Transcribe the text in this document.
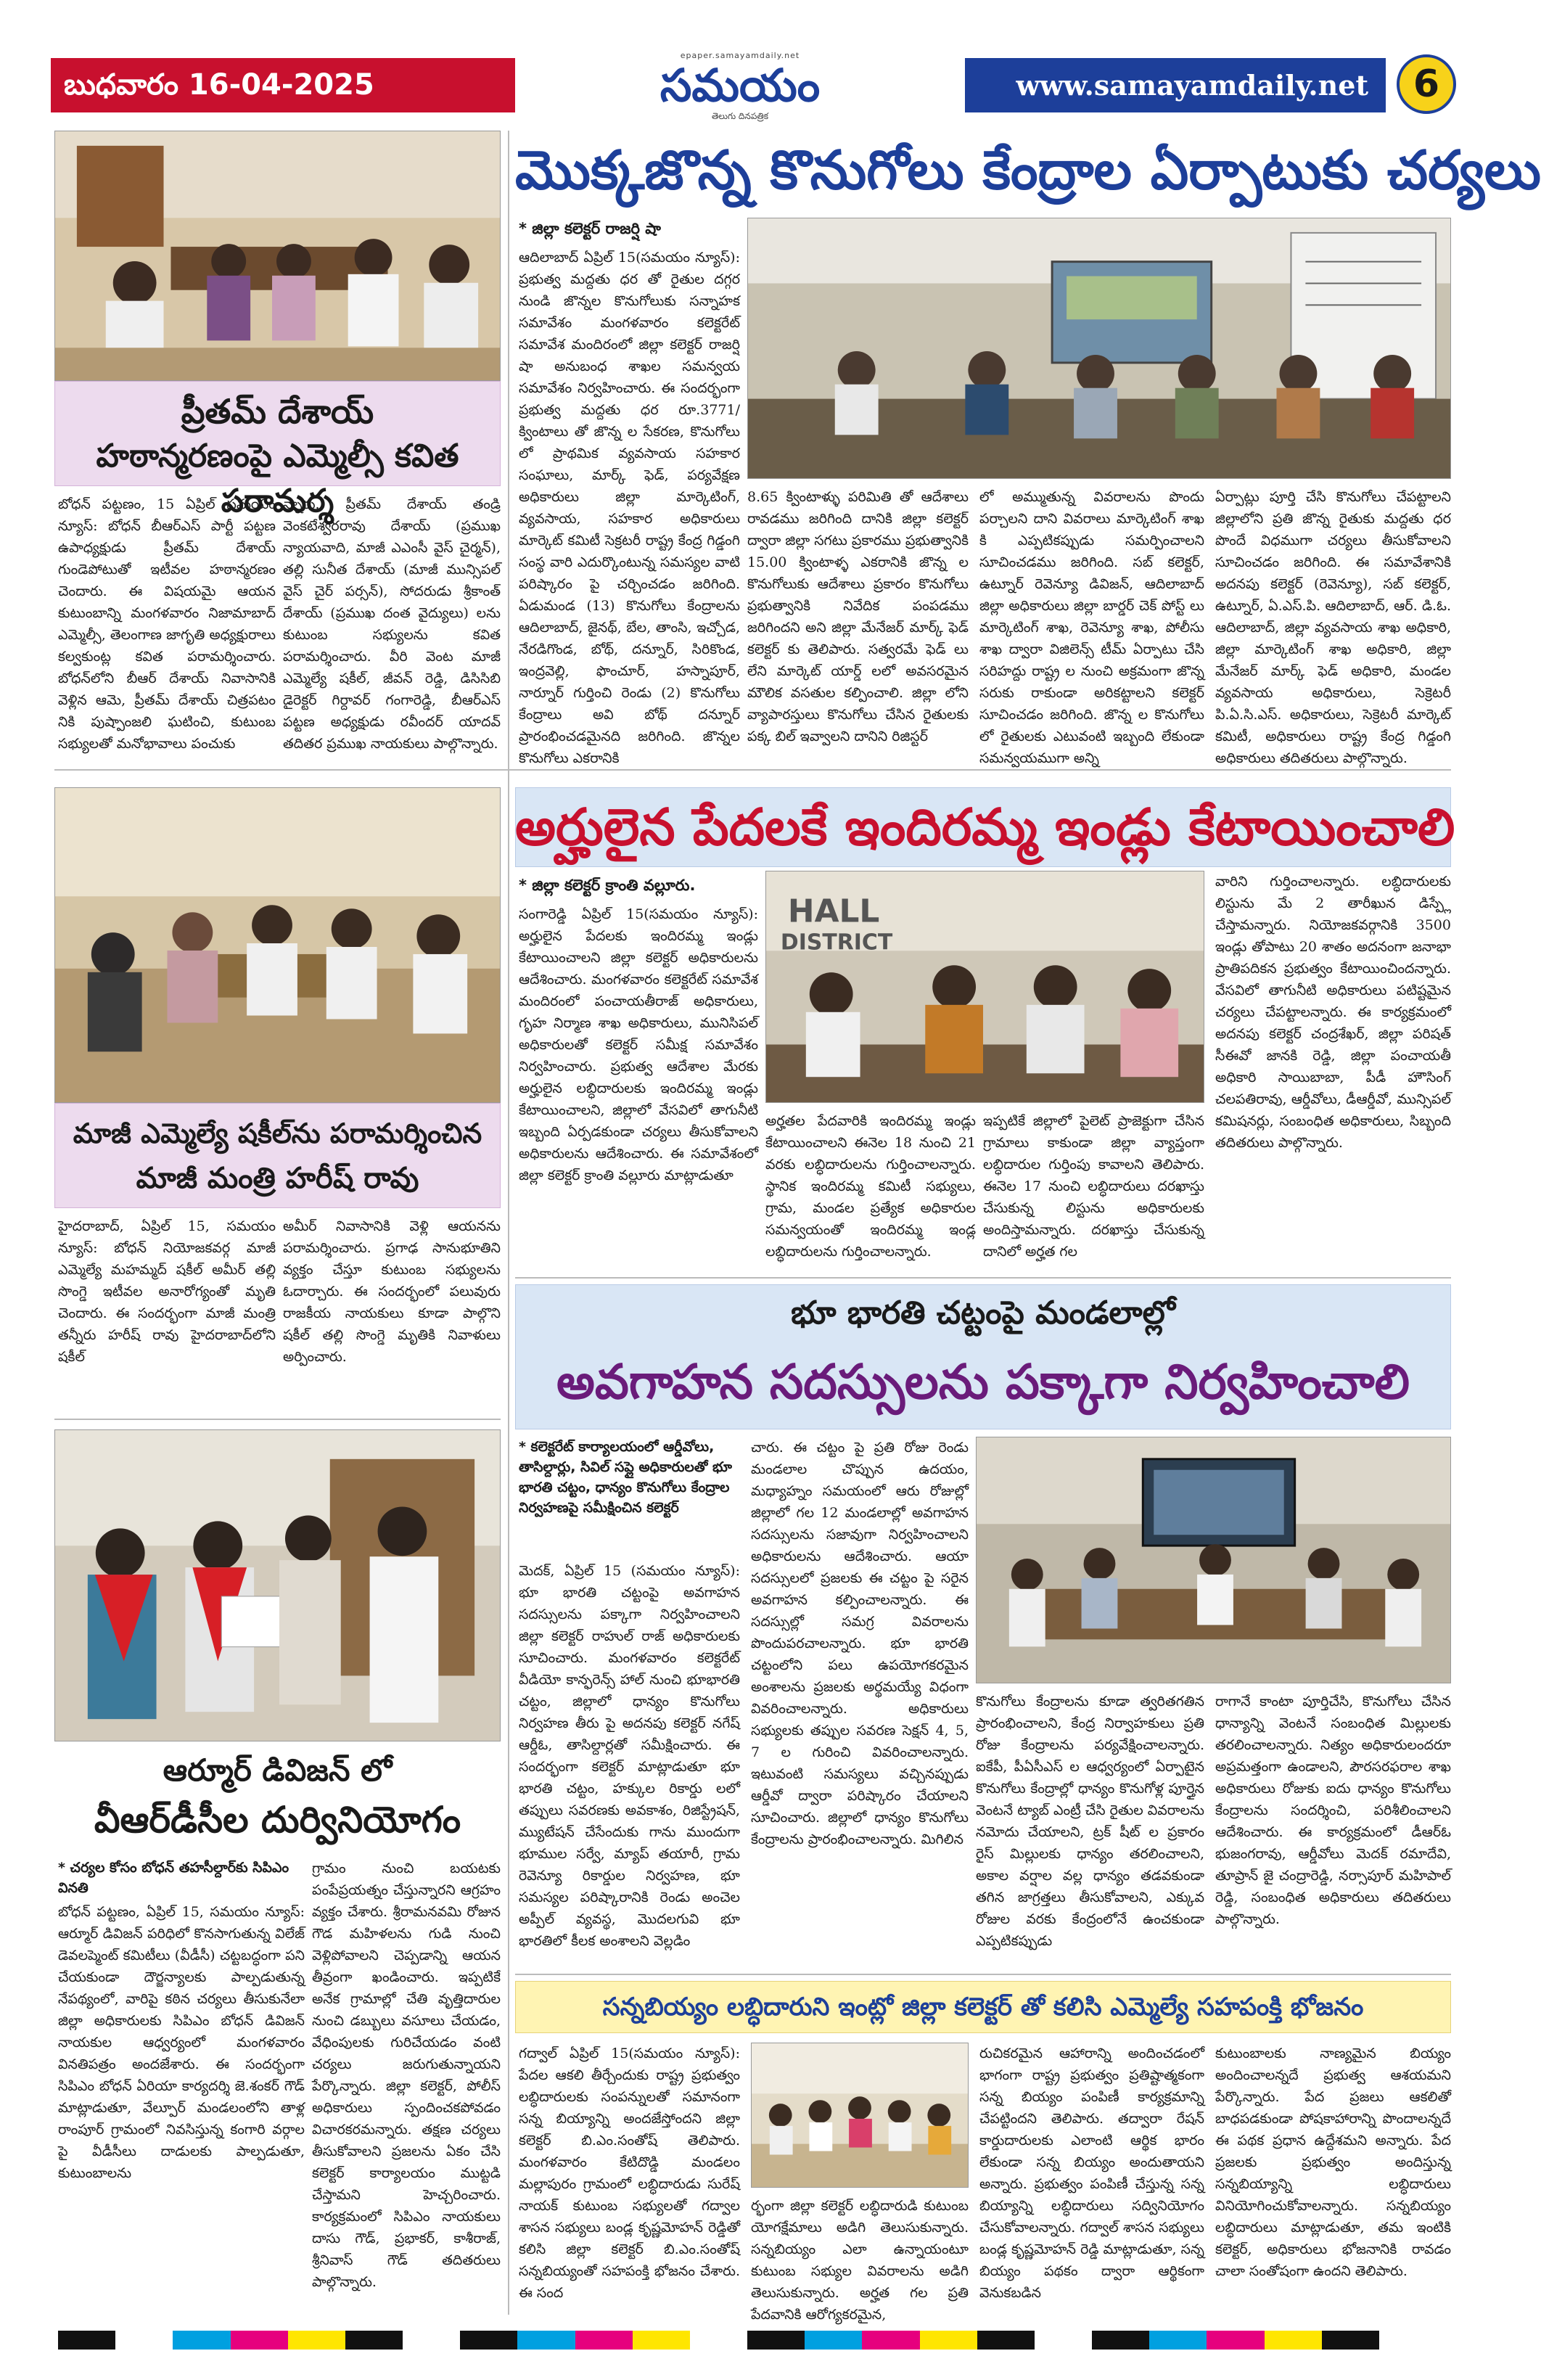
బుధవారం 16-04-2025
epaper.samayamdaily.net
సమయం
తెలుగు దినపత్రిక
www.samayamdaily.net	6
మొక్కజొన్న కొనుగోలు కేంద్రాల ఏర్పాటుకు చర్యలు
* జిల్లా కలెక్టర్ రాజర్షి షా
ఆదిలాబాద్ ఏప్రిల్ 15(సమయం న్యూస్): ప్రభుత్వ మద్దతు ధర తో రైతుల దగ్గర నుండి జొన్నల కొనుగోలుకు సన్నాహక సమావేశం మంగళవారం కలెక్టరేట్ సమావేశ మందిరంలో జిల్లా కలెక్టర్ రాజర్షి షా అనుబంధ శాఖల సమన్వయ సమావేశం నిర్వహించారు. ఈ సందర్భంగా ప్రభుత్వ మద్దతు ధర రూ.3771/ క్వింటాలు తో జొన్న ల సేకరణ, కొనుగోలు లో ప్రాథమిక వ్యవసాయ సహకార సంఘాలు, మార్క్ ఫెడ్, పర్యవేక్షణ అధికారులు జిల్లా మార్కెటింగ్, వ్యవసాయ, సహకార అధికారులు మార్కెట్ కమిటీ సెక్రటరీ రాష్ట్ర కేంద్ర గిడ్డంగి సంస్థ వారి ఎదుర్కొంటున్న సమస్యల వాటి పరిష్కారం పై చర్చించడం జరిగింది. ఏడుమండ (13) కొనుగోలు కేంద్రాలను ఆదిలాబాద్, జైనథ్, బేల, తాంసి, ఇచ్చోడ, నేరడిగొండ, బోథ్, దన్నూర్, సిరికొండ, ఇంద్రవెల్లి, ఫొంచూర్, హస్నాపూర్, నార్నూర్ గుర్తించి రెండు (2) కొనుగోలు కేంద్రాలు అవి బోథ్ దన్నూర్ ప్రారంభించడమైనది జరిగింది. జొన్నల కొనుగోలు ఎకరానికి
8.65 క్వింటాళ్ళు పరిమితి తో ఆదేశాలు రావడము జరిగింది దానికి జిల్లా కలెక్టర్ ద్వారా జిల్లా సగటు ప్రకారము ప్రభుత్వానికి 15.00 క్వింటాళ్ళ ఎకరానికి జొన్న ల కొనుగోలుకు ఆదేశాలు ప్రకారం కొనుగోలు ప్రభుత్వానికి నివేదిక పంపడము జరిగిందని అని జిల్లా మేనేజర్ మార్క్ ఫెడ్ కలెక్టర్ కు తెలిపారు. సత్వరమే ఫెడ్ లు లేని మార్కెట్ యార్డ్ లలో అవసరమైన మౌలిక వసతుల కల్పించాలి. జిల్లా లోని వ్యాపారస్తులు కొనుగోలు చేసిన రైతులకు పక్క బిల్ ఇవ్వాలని దానిని రిజిస్టర్
లో అమ్ముతున్న వివరాలను పొందు పర్చాలని దాని వివరాలు మార్కెటింగ్ శాఖ కి ఎప్పటికప్పుడు సమర్పించాలని సూచించడము జరిగింది. సబ్ కలెక్టర్, ఉట్నూర్ రెవెన్యూ డివిజన్, ఆదిలాబాద్ జిల్లా అధికారులు జిల్లా బార్డర్ చెక్ పోస్ట్ లు మార్కెటింగ్ శాఖ, రెవెన్యూ శాఖ, పోలీసు శాఖ ద్వారా విజిలెన్స్ టీమ్ ఏర్పాటు చేసి సరిహద్దు రాష్ట్ర ల నుంచి అక్రమంగా జొన్న సరుకు రాకుండా అరికట్టాలని కలెక్టర్ సూచించడం జరిగింది. జొన్న ల కొనుగోలు లో రైతులకు ఎటువంటి ఇబ్బంది లేకుండా సమన్వయముగా అన్ని
ఏర్పాట్లు పూర్తి చేసి కొనుగోలు చేపట్టాలని జిల్లాలోని ప్రతి జొన్న రైతుకు మద్దతు ధర పొందే విధముగా చర్యలు తీసుకోవాలని సూచించడం జరిగింది. ఈ సమావేశానికి అదనపు కలెక్టర్ (రెవెన్యూ), సబ్ కలెక్టర్, ఉట్నూర్, ఏ.ఎస్.పి. ఆదిలాబాద్, ఆర్. డి.ఓ. ఆదిలాబాద్, జిల్లా వ్యవసాయ శాఖ అధికారి, జిల్లా మార్కెటింగ్ శాఖ అధికారి, జిల్లా మేనేజర్ మార్క్ ఫెడ్ అధికారి, మండల వ్యవసాయ అధికారులు, సెక్రెటరీ పి.ఏ.సి.ఎస్. అధికారులు, సెక్రెటరీ మార్కెట్ కమిటీ, అధికారులు రాష్ట్ర కేంద్ర గిడ్డంగి అధికారులు తదితరులు పాల్గొన్నారు.
ప్రీతమ్ దేశాయ్
హఠాన్మరణంపై ఎమ్మెల్సీ కవిత పరామర్శ
బోధన్ పట్టణం, 15 ఏప్రిల్ సమయం న్యూస్: బోధన్ బీఆర్ఎస్ పార్టీ పట్టణ ఉపాధ్యక్షుడు ప్రీతమ్ దేశాయ్ గుండెపోటుతో ఇటీవల హఠాన్మరణం చెందారు. ఈ విషయమై ఆయన కుటుంబాన్ని మంగళవారం నిజామాబాద్ ఎమ్మెల్సీ, తెలంగాణ జాగృతి అధ్యక్షురాలు కల్వకుంట్ల కవిత పరామర్శించారు. బోధన్‌లోని బీఆర్ దేశాయ్ నివాసానికి వెళ్లిన ఆమె, ప్రీతమ్ దేశాయ్ చిత్రపటం నికి పుష్పాంజలి ఘటించి, కుటుంబ సభ్యులతో మనోభావాలు పంచుకు
న్నారు. ప్రీతమ్ దేశాయ్ తండ్రి వెంకటేశ్వరరావు దేశాయ్ (ప్రముఖ న్యాయవాది, మాజీ ఎఎంసీ వైస్ చైర్మన్), తల్లి సునీత దేశాయ్ (మాజీ మున్సిపల్ వైస్ చైర్ పర్సన్), సోదరుడు శ్రీకాంత్ దేశాయ్ (ప్రముఖ దంత వైద్యులు) లను కుటుంబ సభ్యులను కవిత పరామర్శించారు. వీరి వెంట మాజీ ఎమ్మెల్యే షకీల్, జీవన్ రెడ్డి, డిసిసిబి డైరెక్టర్ గిర్దావర్ గంగారెడ్డి, బీఆర్ఎస్ పట్టణ అధ్యక్షుడు రవీందర్ యాదవ్ తదితర ప్రముఖ నాయకులు పాల్గొన్నారు.
అర్హులైన పేదలకే ఇందిరమ్మ ఇండ్లు కేటాయించాలి
* జిల్లా కలెక్టర్ క్రాంతి వల్లూరు.
సంగారెడ్డి ఏప్రిల్ 15(సమయం న్యూస్): అర్హులైన పేదలకు ఇందిరమ్మ ఇండ్లు కేటాయించాలని జిల్లా కలెక్టర్ అధికారులను ఆదేశించారు. మంగళవారం కలెక్టరేట్ సమావేశ మందిరంలో పంచాయతీరాజ్ అధికారులు, గృహ నిర్మాణ శాఖ అధికారులు, మునిసిపల్ అధికారులతో కలెక్టర్ సమీక్ష సమావేశం నిర్వహించారు. ప్రభుత్వ ఆదేశాల మేరకు అర్హులైన లబ్ధిదారులకు ఇందిరమ్మ ఇండ్లు కేటాయించాలని, జిల్లాలో వేసవిలో తాగునీటి ఇబ్బంది ఏర్పడకుండా చర్యలు తీసుకోవాలని అధికారులను ఆదేశించారు. ఈ సమావేశంలో జిల్లా కలెక్టర్ క్రాంతి వల్లూరు మాట్లాడుతూ
HALL
DISTRICT
అర్హతల పేదవారికి ఇందిరమ్మ ఇండ్లు కేటాయించాలని ఈనెల 18 నుంచి 21 వరకు లబ్ధిదారులను గుర్తించాలన్నారు. స్థానిక ఇందిరమ్మ కమిటీ సభ్యులు, గ్రామ, మండల ప్రత్యేక అధికారుల సమన్వయంతో ఇందిరమ్మ ఇండ్ల లబ్ధిదారులను గుర్తించాలన్నారు.
ఇప్పటికే జిల్లాలో పైలెట్ ప్రాజెక్టుగా చేసిన గ్రామాలు కాకుండా జిల్లా వ్యాప్తంగా లబ్ధిదారుల గుర్తింపు కావాలని తెలిపారు. ఈనెల 17 నుంచి లబ్ధిదారులు దరఖాస్తు చేసుకున్న లిస్టును అధికారులకు అందిస్తామన్నారు. దరఖాస్తు చేసుకున్న దానిలో అర్హత గల
వారిని గుర్తించాలన్నారు. లబ్ధిదారులకు లిస్టును మే 2 తారీఖున డిస్ప్లే చేస్తామన్నారు. నియోజకవర్గానికి 3500 ఇండ్లు తోపాటు 20 శాతం అదనంగా జనాభా ప్రాతిపదికన ప్రభుత్వం కేటాయించిందన్నారు. వేసవిలో తాగునీటి అధికారులు పటిష్టమైన చర్యలు చేపట్టాలన్నారు. ఈ కార్యక్రమంలో అదనపు కలెక్టర్ చంద్రశేఖర్, జిల్లా పరిషత్ సీఈవో జానకి రెడ్డి, జిల్లా పంచాయతీ అధికారి సాయిబాబా, పీడీ హౌసింగ్ చలపతిరావు, ఆర్డీవోలు, డీఆర్డీవో, మున్సిపల్ కమిషనర్లు, సంబంధిత అధికారులు, సిబ్బంది తదితరులు పాల్గొన్నారు.
మాజీ ఎమ్మెల్యే షకీల్‌ను పరామర్శించిన
మాజీ మంత్రి హరీష్ రావు
హైదరాబాద్, ఏప్రిల్ 15, సమయం న్యూస్: బోధన్ నియోజకవర్గ మాజీ ఎమ్మెల్యే మహమ్మద్ షకీల్ అమీర్ తల్లి సొంగ్డె ఇటీవల అనారోగ్యంతో మృతి చెందారు. ఈ సందర్భంగా మాజీ మంత్రి తన్నీరు హరీష్ రావు హైదరాబాద్‌లోని షకీల్
అమీర్ నివాసానికి వెళ్లి ఆయనను పరామర్శించారు. ప్రగాఢ సానుభూతిని వ్యక్తం చేస్తూ కుటుంబ సభ్యులను ఓదార్చారు. ఈ సందర్భంలో పలువురు రాజకీయ నాయకులు కూడా పాల్గొని షకీల్ తల్లి సొంగ్డె మృతికి నివాళులు అర్పించారు.
భూ భారతి చట్టంపై మండలాల్లో
అవగాహన సదస్సులను పక్కాగా నిర్వహించాలి
* కలెక్టరేట్ కార్యాలయంలో ఆర్డీవోలు, తాసిల్దార్లు, సివిల్ సప్లై అధికారులతో భూ భారతి చట్టం, ధాన్యం కొనుగోలు కేంద్రాల నిర్వహణపై సమీక్షించిన కలెక్టర్
మెదక్, ఏప్రిల్ 15 (సమయం న్యూస్): భూ భారతి చట్టంపై అవగాహన సదస్సులను పక్కాగా నిర్వహించాలని జిల్లా కలెక్టర్ రాహుల్ రాజ్ అధికారులకు సూచించారు. మంగళవారం కలెక్టరేట్ వీడియో కాన్ఫరెన్స్ హాల్ నుంచి భూభారతి చట్టం, జిల్లాలో ధాన్యం కొనుగోలు నిర్వహణ తీరు పై అదనపు కలెక్టర్ నగేష్ ఆర్డీఓ, తాసిల్దార్లతో సమీక్షించారు. ఈ సందర్భంగా కలెక్టర్ మాట్లాడుతూ భూ భారతి చట్టం, హక్కుల రికార్డు లలో తప్పులు సవరణకు అవకాశం, రిజిస్ట్రేషన్, మ్యుటేషన్ చేసేందుకు గాను ముందుగా భూముల సర్వే, మ్యాప్ తయారీ, గ్రామ రెవెన్యూ రికార్డుల నిర్వహణ, భూ సమస్యల పరిష్కారానికి రెండు అంచెల అప్పీల్ వ్యవస్థ, మొదలగువి భూ భారతిలో కీలక అంశాలని వెల్లడిం
చారు. ఈ చట్టం పై ప్రతి రోజు రెండు మండలాల చొప్పున ఉదయం, మధ్యాహ్నం సమయంలో ఆరు రోజుల్లో జిల్లాలో గల 12 మండలాల్లో అవగాహన సదస్సులను సజావుగా నిర్వహించాలని అధికారులను ఆదేశించారు. ఆయా సదస్సులలో ప్రజలకు ఈ చట్టం పై సరైన అవగాహన కల్పించాలన్నారు. ఈ సదస్సుల్లో సమగ్ర వివరాలను పొందుపరచాలన్నారు. భూ భారతి చట్టంలోని పలు ఉపయోగకరమైన అంశాలను ప్రజలకు అర్థమయ్యే విధంగా వివరించాలన్నారు. అధికారులు సభ్యులకు తప్పుల సవరణ సెక్షన్ 4, 5, 7 ల గురించి వివరించాలన్నారు. ఇటువంటి సమస్యలు వచ్చినప్పుడు ఆర్డీవో ద్వారా పరిష్కారం చేయాలని సూచించారు. జిల్లాలో ధాన్యం కొనుగోలు కేంద్రాలను ప్రారంభించాలన్నారు. మిగిలిన
కొనుగోలు కేంద్రాలను కూడా త్వరితగతిన ప్రారంభించాలని, కేంద్ర నిర్వాహకులు ప్రతి రోజు కేంద్రాలను పర్యవేక్షించాలన్నారు. ఐకేపీ, పీఏసీఎస్ ల ఆధ్వర్యంలో ఏర్పాటైన కొనుగోలు కేంద్రాల్లో ధాన్యం కొనుగోళ్ల పూర్తైన వెంటనే ట్యాబ్ ఎంట్రీ చేసి రైతుల వివరాలను నమోదు చేయాలని, ట్రక్ షీట్ ల ప్రకారం రైస్ మిల్లులకు ధాన్యం తరలించాలని, అకాల వర్షాల వల్ల ధాన్యం తడవకుండా తగిన జాగ్రత్తలు తీసుకోవాలని, ఎక్కువ రోజుల వరకు కేంద్రంలోనే ఉంచకుండా ఎప్పటికప్పుడు
రాగానే కాంటా పూర్తిచేసి, కొనుగోలు చేసిన ధాన్యాన్ని వెంటనే సంబంధిత మిల్లులకు తరలించాలన్నారు. నిత్యం అధికారులందరూ అప్రమత్తంగా ఉండాలని, పౌరసరఫరాల శాఖ అధికారులు రోజుకు ఐదు ధాన్యం కొనుగోలు కేంద్రాలను సందర్శించి, పరిశీలించాలని ఆదేశించారు. ఈ కార్యక్రమంలో డీఆర్‌ఓ భుజంగరావు, ఆర్డీవోలు మెదక్ రమాదేవి, తూప్రాన్ జై చంద్రారెడ్డి, నర్సాపూర్ మహిపాల్ రెడ్డి, సంబంధిత అధికారులు తదితరులు పాల్గొన్నారు.
ఆర్మూర్ డివిజన్ లో
వీఆర్‌డీసీల దుర్వినియోగం
* చర్యల కోసం బోధన్ తహసీల్దార్‌కు సిపిఎం వినతి
బోధన్ పట్టణం, ఏప్రిల్ 15, సమయం న్యూస్: ఆర్మూర్ డివిజన్ పరిధిలో కొనసాగుతున్న విలేజ్ డెవలప్మెంట్ కమిటీలు (వీడీసీ) చట్టబద్ధంగా పని చేయకుండా దౌర్జన్యాలకు పాల్పడుతున్న నేపథ్యంలో, వారిపై కఠిన చర్యలు తీసుకునేలా జిల్లా అధికారులకు సిపిఎం బోధన్ డివిజన్ నాయకుల ఆధ్వర్యంలో మంగళవారం వినతిపత్రం అందజేశారు. ఈ సందర్భంగా సిపిఎం బోధన్ ఏరియా కార్యదర్శి జె.శంకర్ గౌడ్ మాట్లాడుతూ, వేల్పూర్ మండలంలోని తాళ్ల రాంపూర్ గ్రామంలో నివసిస్తున్న కంగారి వర్గాల పై వీడీసీలు దాడులకు పాల్పడుతూ, కుటుంబాలను
గ్రామం నుంచి బయటకు పంపేప్రయత్నం చేస్తున్నారని ఆగ్రహం వ్యక్తం చేశారు. శ్రీరామనవమి రోజున గౌడ మహిళలను గుడి నుంచి వెళ్లిపోవాలని చెప్పడాన్ని ఆయన తీవ్రంగా ఖండించారు. ఇప్పటికే అనేక గ్రామాల్లో చేతి వృత్తిదారుల నుంచి డబ్బులు వసూలు చేయడం, వేధింపులకు గురిచేయడం వంటి చర్యలు జరుగుతున్నాయని పేర్కొన్నారు. జిల్లా కలెక్టర్, పోలీస్ అధికారులు స్పందించకపోవడం విచారకరమన్నారు. తక్షణ చర్యలు తీసుకోవాలని ప్రజలను ఏకం చేసి కలెక్టర్ కార్యాలయం ముట్టడి చేస్తామని హెచ్చరించారు. కార్యక్రమంలో సిపిఎం నాయకులు దాసు గౌడ్, ప్రభాకర్, కాశీరాజ్, శ్రీనివాస్ గౌడ్ తదితరులు పాల్గొన్నారు.
సన్నబియ్యం లబ్ధిదారుని ఇంట్లో జిల్లా కలెక్టర్ తో కలిసి ఎమ్మెల్యే సహపంక్తి భోజనం
గద్వాల్ ఏప్రిల్ 15(సమయం న్యూస్): పేదల ఆకలి తీర్చేందుకు రాష్ట్ర ప్రభుత్వం లబ్ధిదారులకు సంపన్నులతో సమానంగా సన్న బియ్యాన్ని అందజేస్తోందని జిల్లా కలెక్టర్ బి.ఎం.సంతోష్ తెలిపారు. మంగళవారం కేటిదొడ్డి మండలం మల్లాపురం గ్రామంలో లబ్ధిదారుడు సురేష్ నాయక్ కుటుంబ సభ్యులతో గద్వాల శాసన సభ్యులు బండ్ల కృష్ణమోహన్ రెడ్డితో కలిసి జిల్లా కలెక్టర్ బి.ఎం.సంతోష్ సన్నబియ్యంతో సహపంక్తి భోజనం చేశారు. ఈ సంద
ర్భంగా జిల్లా కలెక్టర్ లబ్ధిదారుడి కుటుంబ యోగక్షేమాలు అడిగి తెలుసుకున్నారు. సన్నబియ్యం ఎలా ఉన్నాయంటూ కుటుంబ సభ్యుల వివరాలను అడిగి తెలుసుకున్నారు. అర్హత గల ప్రతి పేదవానికి ఆరోగ్యకరమైన,
రుచికరమైన ఆహారాన్ని అందించడంలో భాగంగా రాష్ట్ర ప్రభుత్వం ప్రతిష్టాత్మకంగా సన్న బియ్యం పంపిణీ కార్యక్రమాన్ని చేపట్టిందని తెలిపారు. తద్వారా రేషన్ కార్డుదారులకు ఎలాంటి ఆర్థిక భారం లేకుండా సన్న బియ్యం అందుతాయని అన్నారు. ప్రభుత్వం పంపిణీ చేస్తున్న సన్న బియ్యాన్ని లబ్ధిదారులు సద్వినియోగం చేసుకోవాలన్నారు. గద్వాల్ శాసన సభ్యులు బండ్ల కృష్ణమోహన్ రెడ్డి మాట్లాడుతూ, సన్న బియ్యం పథకం ద్వారా ఆర్థికంగా వెనుకబడిన
కుటుంబాలకు నాణ్యమైన బియ్యం అందించాలన్నదే ప్రభుత్వ ఆశయమని పేర్కొన్నారు. పేద ప్రజలు ఆకలితో బాధపడకుండా పోషకాహారాన్ని పొందాలన్నదే ఈ పథక ప్రధాన ఉద్దేశమని అన్నారు. పేద ప్రజలకు ప్రభుత్వం అందిస్తున్న సన్నబియ్యాన్ని లబ్ధిదారులు వినియోగించుకోవాలన్నారు. సన్నబియ్యం లబ్ధిదారులు మాట్లాడుతూ, తమ ఇంటికి కలెక్టర్, అధికారులు భోజనానికి రావడం చాలా సంతోషంగా ఉందని తెలిపారు.
